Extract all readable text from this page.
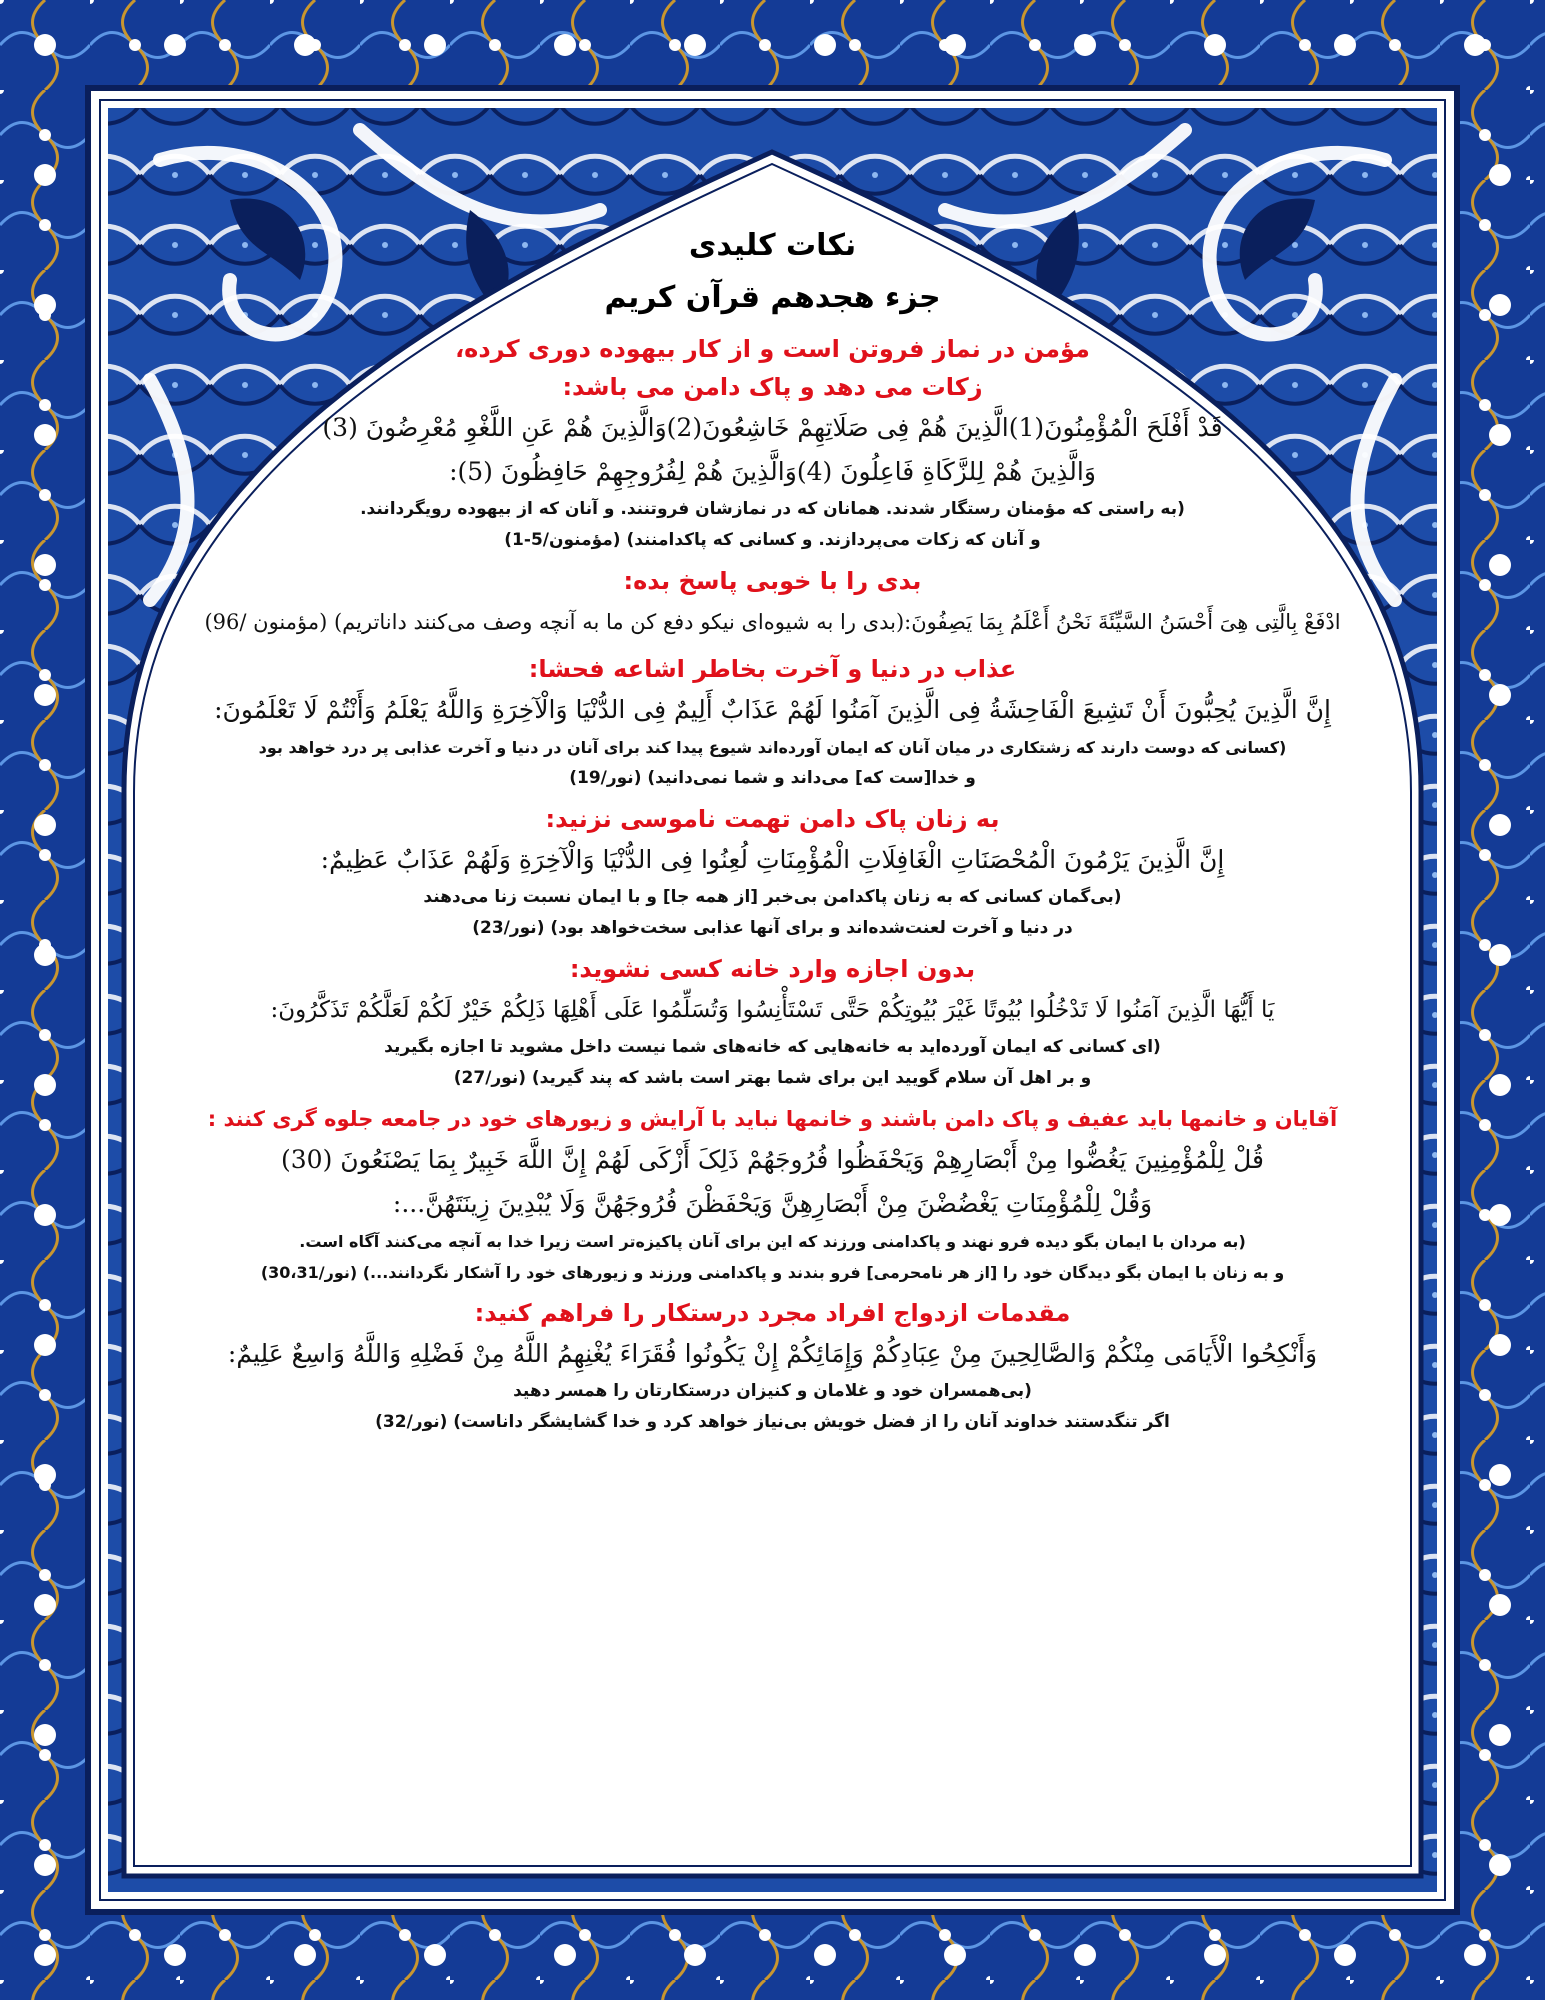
نکات کلیدی
جزء هجدهم قرآن کریم
مؤمن در نماز فروتن است و از کار بیهوده دوری کرده،
زکات می دهد و پاک دامن می باشد:
قَدْ أَفْلَحَ الْمُؤْمِنُونَ(1)الَّذِینَ هُمْ فِی صَلَاتِهِمْ خَاشِعُونَ(2)وَالَّذِینَ هُمْ عَنِ اللَّغْوِ مُعْرِضُونَ (3)
وَالَّذِینَ هُمْ لِلزَّکَاةِ فَاعِلُونَ (4)وَالَّذِینَ هُمْ لِفُرُوجِهِمْ حَافِظُونَ (5):
(به راستی که مؤمنان رستگار شدند. همانان که در نمازشان فروتنند. و آنان که از بیهوده رویگردانند.
و آنان که زکات می‌پردازند. و کسانی که پاکدامنند) (مؤمنون/5-1)
بدی را با خوبی پاسخ بده:
ادْفَعْ بِالَّتِی هِیَ أَحْسَنُ السَّیِّئَةَ نَحْنُ أَعْلَمُ بِمَا یَصِفُونَ:(بدی را به شیوه‌ای نیکو دفع کن ما به آنچه وصف می‌کنند داناتریم) (مؤمنون /96)
عذاب در دنیا و آخرت بخاطر اشاعه فحشا:
إِنَّ الَّذِینَ یُحِبُّونَ أَنْ تَشِیعَ الْفَاحِشَةُ فِی الَّذِینَ آمَنُوا لَهُمْ عَذَابٌ أَلِیمٌ فِی الدُّنْیَا وَالْآخِرَةِ وَاللَّهُ یَعْلَمُ وَأَنْتُمْ لَا تَعْلَمُونَ:
(کسانی که دوست دارند که زشتکاری در میان آنان که ایمان آورده‌اند شیوع پیدا کند برای آنان در دنیا و آخرت عذابی پر درد خواهد بود
و خدا[ست که] می‌داند و شما نمی‌دانید) (نور/19)
به زنان پاک دامن تهمت ناموسی نزنید:
إِنَّ الَّذِینَ یَرْمُونَ الْمُحْصَنَاتِ الْغَافِلَاتِ الْمُؤْمِنَاتِ لُعِنُوا فِی الدُّنْیَا وَالْآخِرَةِ وَلَهُمْ عَذَابٌ عَظِیمٌ:
(بی‌گمان کسانی که به زنان پاکدامن بی‌خبر [از همه جا] و با ایمان نسبت زنا می‌دهند
در دنیا و آخرت لعنت‌شده‌اند و برای آنها عذابی سخت‌خواهد بود) (نور/23)
بدون اجازه وارد خانه کسی نشوید:
یَا أَیُّهَا الَّذِینَ آمَنُوا لَا تَدْخُلُوا بُیُوتًا غَیْرَ بُیُوتِکُمْ حَتَّى تَسْتَأْنِسُوا وَتُسَلِّمُوا عَلَى أَهْلِهَا ذَلِکُمْ خَیْرٌ لَکُمْ لَعَلَّکُمْ تَذَکَّرُونَ:
(ای کسانی که ایمان آورده‌اید به خانه‌هایی که خانه‌های شما نیست داخل مشوید تا اجازه بگیرید
و بر اهل آن سلام گویید این برای شما بهتر است باشد که پند گیرید) (نور/27)
آقایان و خانمها باید عفیف و پاک دامن باشند و خانمها نباید با آرایش و زیورهای خود در جامعه جلوه گری کنند :
قُلْ لِلْمُؤْمِنِینَ یَغُضُّوا مِنْ أَبْصَارِهِمْ وَیَحْفَظُوا فُرُوجَهُمْ ذَلِکَ أَزْکَى لَهُمْ إِنَّ اللَّهَ خَبِیرٌ بِمَا یَصْنَعُونَ (30)
وَقُلْ لِلْمُؤْمِنَاتِ یَغْضُضْنَ مِنْ أَبْصَارِهِنَّ وَیَحْفَظْنَ فُرُوجَهُنَّ وَلَا یُبْدِینَ زِینَتَهُنَّ...:
(به مردان با ایمان بگو دیده فرو نهند و پاکدامنی ورزند که این برای آنان پاکیزه‌تر است زیرا خدا به آنچه می‌کنند آگاه است.
و به زنان با ایمان بگو دیدگان خود را [از هر نامحرمی] فرو بندند و پاکدامنی ورزند و زیورهای خود را آشکار نگردانند...) (نور/30،31)
مقدمات ازدواج افراد مجرد درستکار را فراهم کنید:
وَأَنْکِحُوا الْأَیَامَى مِنْکُمْ وَالصَّالِحِینَ مِنْ عِبَادِکُمْ وَإِمَائِکُمْ إِنْ یَکُونُوا فُقَرَاءَ یُغْنِهِمُ اللَّهُ مِنْ فَضْلِهِ وَاللَّهُ وَاسِعٌ عَلِیمٌ:
(بی‌همسران خود و غلامان و کنیزان درستکارتان را همسر دهید
اگر تنگدستند خداوند آنان را از فضل خویش بی‌نیاز خواهد کرد و خدا گشایشگر داناست) (نور/32)
